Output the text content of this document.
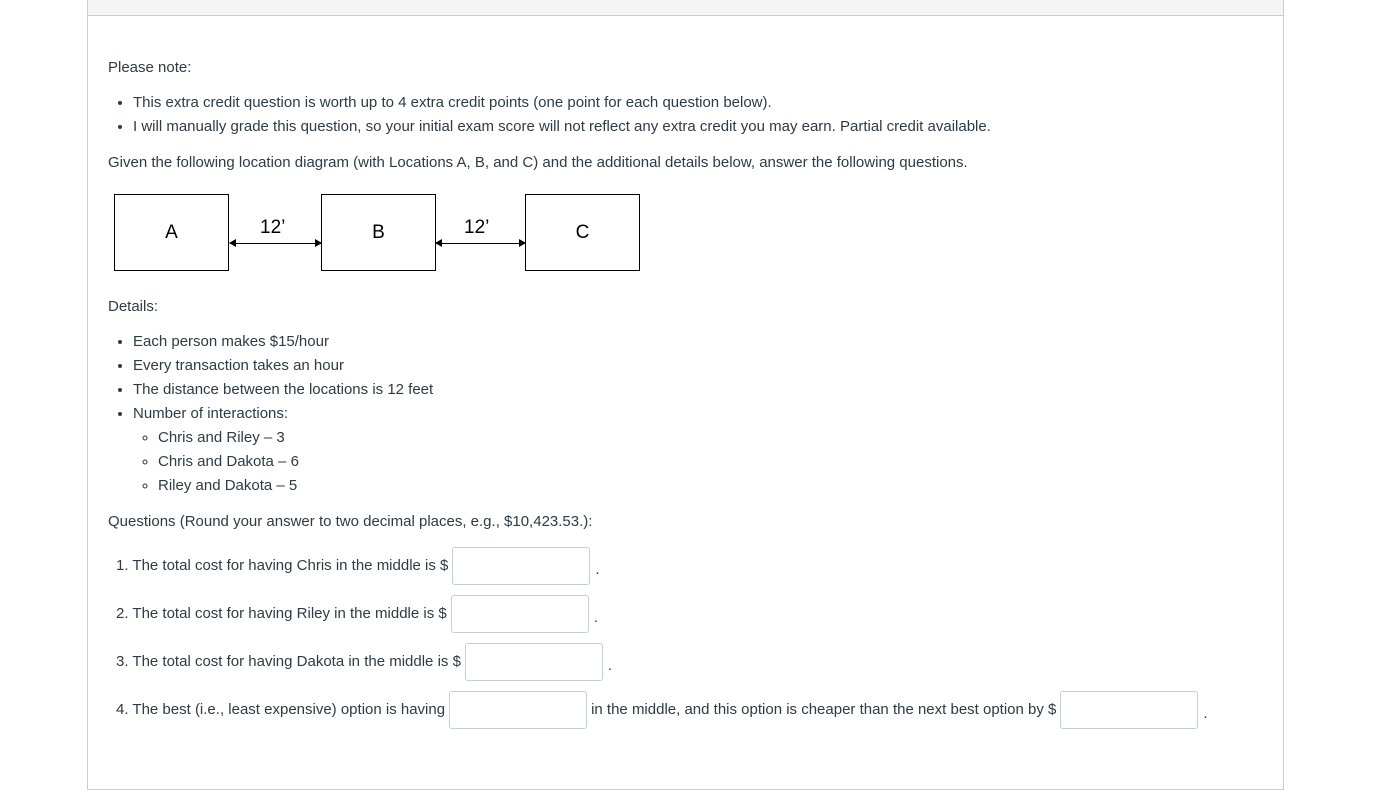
Please note:

• This extra credit question is worth up to 4 extra credit points (one point for each question below).
• I will manually grade this question, so your initial exam score will not reflect any extra credit you may earn. Partial credit available.

Given the following location diagram (with Locations A, B, and C) and the additional details below, answer the following questions.

A	12’	B	12’	C

Details:

• Each person makes $15/hour
• Every transaction takes an hour
• The distance between the locations is 12 feet
• Number of interactions:
◦ Chris and Riley – 3
◦ Chris and Dakota – 6
◦ Riley and Dakota – 5

Questions (Round your answer to two decimal places, e.g., $10,423.53.):

1. The total cost for having Chris in the middle is $	.
2. The total cost for having Riley in the middle is $	.
3. The total cost for having Dakota in the middle is $	.
4. The best (i.e., least expensive) option is having	in the middle, and this option is cheaper than the next best option by $	.
